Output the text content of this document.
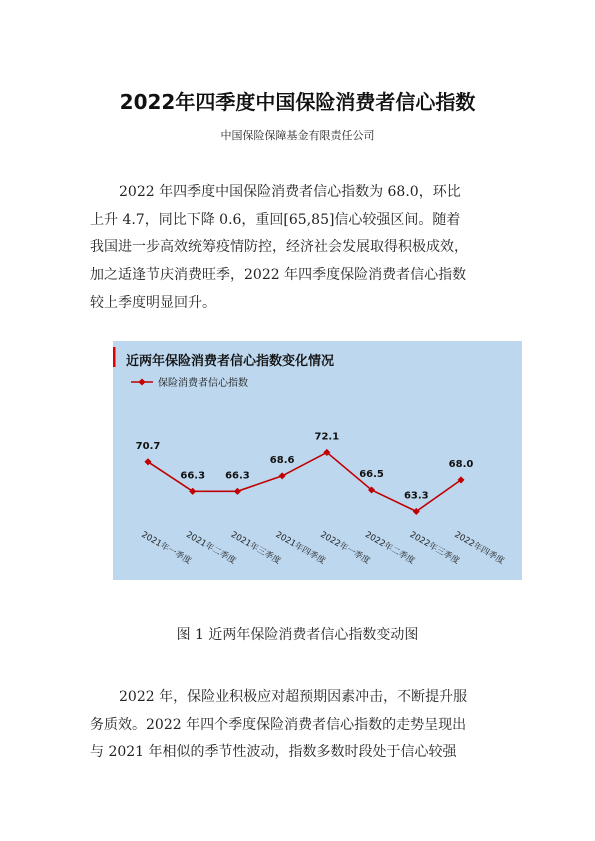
2022年四季度中国保险消费者信心指数
中国保险保障基金有限责任公司
2022 年四季度中国保险消费者信心指数为 68.0，环比
上升 4.7，同比下降 0.6，重回[65,85]信心较强区间。随着
我国进一步高效统筹疫情防控，经济社会发展取得积极成效，
加之适逢节庆消费旺季，2022 年四季度保险消费者信心指数
较上季度明显回升。
近两年保险消费者信心指数变化情况
保险消费者信心指数
70.7
66.3 66.3
68.6
72.1
66.5
63.3
68.0
2021年一季度
2021年二季度
2021年三季度
2021年四季度
2022年一季度
2022年二季度
2022年三季度
2022年四季度
图 1 近两年保险消费者信心指数变动图
2022 年，保险业积极应对超预期因素冲击，不断提升服
务质效。2022 年四个季度保险消费者信心指数的走势呈现出
与 2021 年相似的季节性波动，指数多数时段处于信心较强
